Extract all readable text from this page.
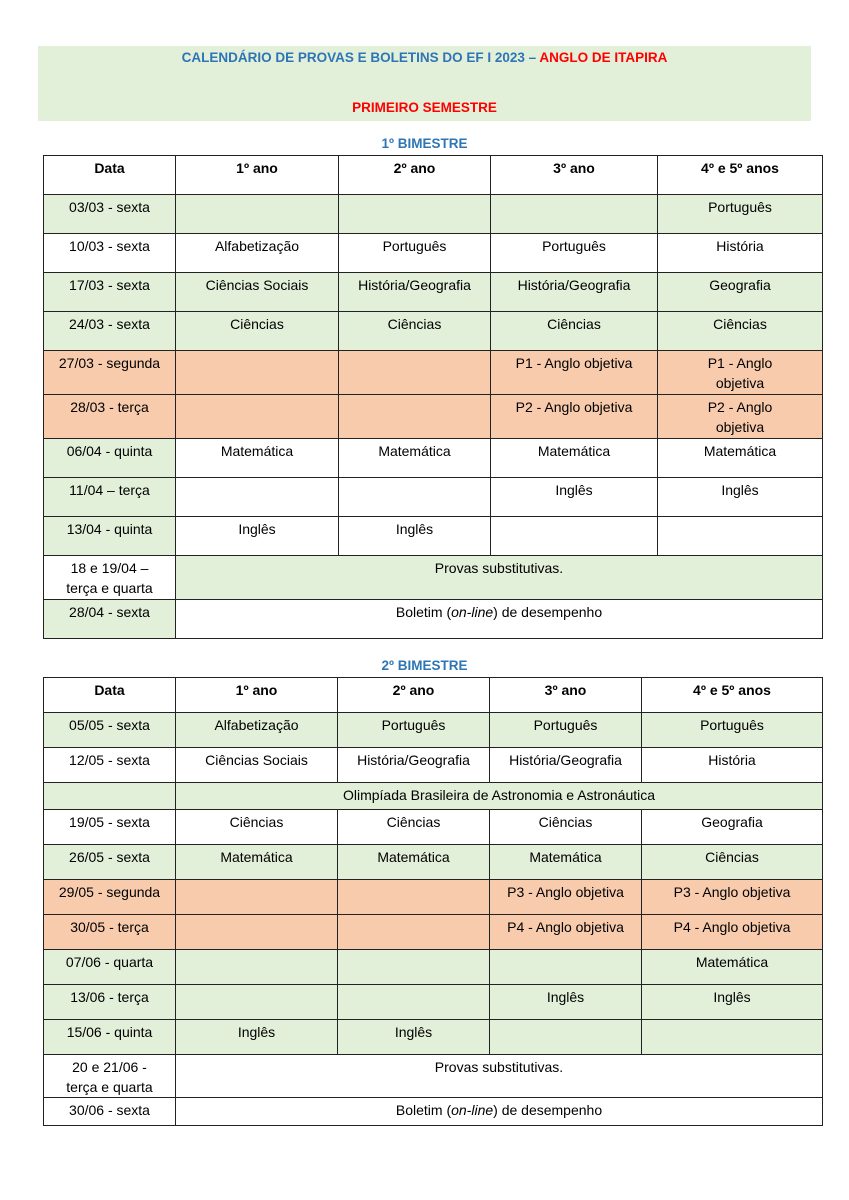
CALENDÁRIO DE PROVAS E BOLETINS DO EF I 2023 – ANGLO DE ITAPIRA
PRIMEIRO SEMESTRE
1º BIMESTRE
Data	1º ano	2º ano	3º ano	4º e 5º anos
03/03 - sexta				Português
10/03 - sexta	Alfabetização	Português	Português	História
17/03 - sexta	Ciências Sociais	História/Geografia	História/Geografia	Geografia
24/03 - sexta	Ciências	Ciências	Ciências	Ciências
27/03 - segunda			P1 - Anglo objetiva	P1 - Anglo objetiva
28/03 - terça			P2 - Anglo objetiva	P2 - Anglo objetiva
06/04 - quinta	Matemática	Matemática	Matemática	Matemática
11/04 – terça			Inglês	Inglês
13/04 - quinta	Inglês	Inglês		
18 e 19/04 – terça e quarta	Provas substitutivas.			
28/04 - sexta	Boletim (on-line) de desempenho			
2º BIMESTRE
Data	1º ano	2º ano	3º ano	4º e 5º anos
05/05 - sexta	Alfabetização	Português	Português	Português
12/05 - sexta	Ciências Sociais	História/Geografia	História/Geografia	História
	Olimpíada Brasileira de Astronomia e Astronáutica			
19/05 - sexta	Ciências	Ciências	Ciências	Geografia
26/05 - sexta	Matemática	Matemática	Matemática	Ciências
29/05 - segunda			P3 - Anglo objetiva	P3 - Anglo objetiva
30/05 - terça			P4 - Anglo objetiva	P4 - Anglo objetiva
07/06 - quarta				Matemática
13/06 - terça			Inglês	Inglês
15/06 - quinta	Inglês	Inglês		
20 e 21/06 - terça e quarta	Provas substitutivas.			
30/06 - sexta	Boletim (on-line) de desempenho			
